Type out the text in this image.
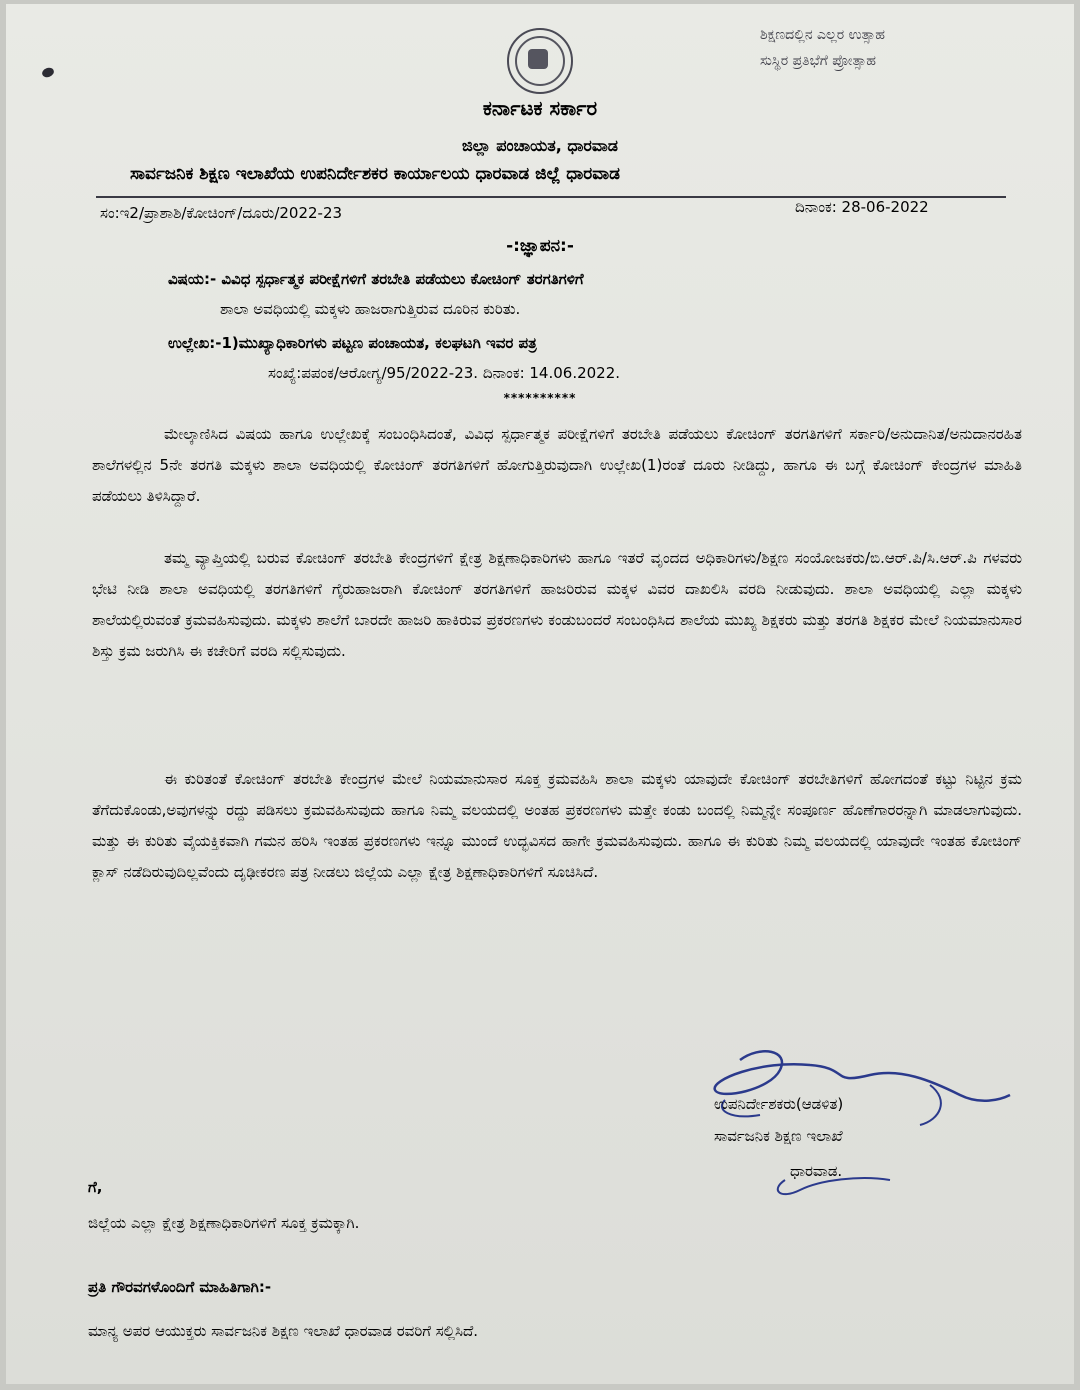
ಶಿಕ್ಷಣದಲ್ಲಿನ ಎಲ್ಲರ ಉತ್ಸಾಹ
ಸುಸ್ಥಿರ ಪ್ರತಿಭೆಗೆ ಪ್ರೋತ್ಸಾಹ
ಕರ್ನಾಟಕ ಸರ್ಕಾರ
ಜಿಲ್ಲಾ ಪಂಚಾಯತ, ಧಾರವಾಡ
ಸಾರ್ವಜನಿಕ ಶಿಕ್ಷಣ ಇಲಾಖೆಯ ಉಪನಿರ್ದೇಶಕರ ಕಾರ್ಯಾಲಯ ಧಾರವಾಡ ಜಿಲ್ಲೆ ಧಾರವಾಡ
ಸಂ:ಇ2/ಪ್ರಾಶಾಶಿ/ಕೋಚಿಂಗ್/ದೂರು/2022-23	ದಿನಾಂಕ: 28-06-2022
-:ಜ್ಞಾಪನ:-
ವಿಷಯ:- ವಿವಿಧ ಸ್ಪರ್ಧಾತ್ಮಕ ಪರೀಕ್ಷೆಗಳಿಗೆ ತರಬೇತಿ ಪಡೆಯಲು ಕೋಚಿಂಗ್ ತರಗತಿಗಳಿಗೆ
ಶಾಲಾ ಅವಧಿಯಲ್ಲಿ ಮಕ್ಕಳು ಹಾಜರಾಗುತ್ತಿರುವ ದೂರಿನ ಕುರಿತು.
ಉಲ್ಲೇಖ:-1)ಮುಖ್ಯಾಧಿಕಾರಿಗಳು ಪಟ್ಟಣ ಪಂಚಾಯತ, ಕಲಘಟಗಿ ಇವರ ಪತ್ರ
ಸಂಖ್ಯೆ:ಪಪಂಕ/ಆರೋಗ್ಯ/95/2022-23. ದಿನಾಂಕ: 14.06.2022.
**********
ಮೇಲ್ಕಾಣಿಸಿದ ವಿಷಯ ಹಾಗೂ ಉಲ್ಲೇಖಕ್ಕೆ ಸಂಬಂಧಿಸಿದಂತೆ, ವಿವಿಧ ಸ್ಪರ್ಧಾತ್ಮಕ ಪರೀಕ್ಷೆಗಳಿಗೆ ತರಬೇತಿ ಪಡೆಯಲು ಕೋಚಿಂಗ್ ತರಗತಿಗಳಿಗೆ ಸರ್ಕಾರಿ/ಅನುದಾನಿತ/ಅನುದಾನರಹಿತ ಶಾಲೆಗಳಲ್ಲಿನ 5ನೇ ತರಗತಿ ಮಕ್ಕಳು ಶಾಲಾ ಅವಧಿಯಲ್ಲಿ ಕೋಚಿಂಗ್ ತರಗತಿಗಳಿಗೆ ಹೋಗುತ್ತಿರುವುದಾಗಿ ಉಲ್ಲೇಖ(1)ರಂತೆ ದೂರು ನೀಡಿದ್ದು, ಹಾಗೂ ಈ ಬಗ್ಗೆ ಕೋಚಿಂಗ್ ಕೇಂದ್ರಗಳ ಮಾಹಿತಿ ಪಡೆಯಲು ತಿಳಿಸಿದ್ದಾರೆ.
ತಮ್ಮ ವ್ಯಾಪ್ತಿಯಲ್ಲಿ ಬರುವ ಕೋಚಿಂಗ್ ತರಬೇತಿ ಕೇಂದ್ರಗಳಿಗೆ ಕ್ಷೇತ್ರ ಶಿಕ್ಷಣಾಧಿಕಾರಿಗಳು ಹಾಗೂ ಇತರೆ ವೃಂದದ ಅಧಿಕಾರಿಗಳು/ಶಿಕ್ಷಣ ಸಂಯೋಜಕರು/ಬಿ.ಆರ್.ಪಿ/ಸಿ.ಆರ್.ಪಿ ಗಳವರು ಭೇಟಿ ನೀಡಿ ಶಾಲಾ ಅವಧಿಯಲ್ಲಿ ತರಗತಿಗಳಿಗೆ ಗೈರುಹಾಜರಾಗಿ ಕೋಚಿಂಗ್ ತರಗತಿಗಳಿಗೆ ಹಾಜರಿರುವ ಮಕ್ಕಳ ವಿವರ ದಾಖಲಿಸಿ ವರದಿ ನೀಡುವುದು. ಶಾಲಾ ಅವಧಿಯಲ್ಲಿ ಎಲ್ಲಾ ಮಕ್ಕಳು ಶಾಲೆಯಲ್ಲಿರುವಂತೆ ಕ್ರಮವಹಿಸುವುದು. ಮಕ್ಕಳು ಶಾಲೆಗೆ ಬಾರದೇ ಹಾಜರಿ ಹಾಕಿರುವ ಪ್ರಕರಣಗಳು ಕಂಡುಬಂದರೆ ಸಂಬಂಧಿಸಿದ ಶಾಲೆಯ ಮುಖ್ಯ ಶಿಕ್ಷಕರು ಮತ್ತು ತರಗತಿ ಶಿಕ್ಷಕರ ಮೇಲೆ ನಿಯಮಾನುಸಾರ ಶಿಸ್ತು ಕ್ರಮ ಜರುಗಿಸಿ ಈ ಕಚೇರಿಗೆ ವರದಿ ಸಲ್ಲಿಸುವುದು.
ಈ ಕುರಿತಂತೆ ಕೋಚಿಂಗ್ ತರಬೇತಿ ಕೇಂದ್ರಗಳ ಮೇಲೆ ನಿಯಮಾನುಸಾರ ಸೂಕ್ತ ಕ್ರಮವಹಿಸಿ ಶಾಲಾ ಮಕ್ಕಳು ಯಾವುದೇ ಕೋಚಿಂಗ್ ತರಬೇತಿಗಳಿಗೆ ಹೋಗದಂತೆ ಕಟ್ಟು ನಿಟ್ಟಿನ ಕ್ರಮ ತೆಗೆದುಕೊಂಡು,ಅವುಗಳನ್ನು ರದ್ದು ಪಡಿಸಲು ಕ್ರಮವಹಿಸುವುದು ಹಾಗೂ ನಿಮ್ಮ ವಲಯದಲ್ಲಿ ಅಂತಹ ಪ್ರಕರಣಗಳು ಮತ್ತೇ ಕಂಡು ಬಂದಲ್ಲಿ ನಿಮ್ಮನ್ನೇ ಸಂಪೂರ್ಣ ಹೊಣೆಗಾರರನ್ನಾಗಿ ಮಾಡಲಾಗುವುದು. ಮತ್ತು ಈ ಕುರಿತು ವೈಯಕ್ತಿಕವಾಗಿ ಗಮನ ಹರಿಸಿ ಇಂತಹ ಪ್ರಕರಣಗಳು ಇನ್ನೂ ಮುಂದೆ ಉದ್ಭವಿಸದ ಹಾಗೇ ಕ್ರಮವಹಿಸುವುದು. ಹಾಗೂ ಈ ಕುರಿತು ನಿಮ್ಮ ವಲಯದಲ್ಲಿ ಯಾವುದೇ ಇಂತಹ ಕೋಚಿಂಗ್ ಕ್ಲಾಸ್ ನಡೆದಿರುವುದಿಲ್ಲವೆಂದು ದೃಢೀಕರಣ ಪತ್ರ ನೀಡಲು ಜಿಲ್ಲೆಯ ಎಲ್ಲಾ ಕ್ಷೇತ್ರ ಶಿಕ್ಷಣಾಧಿಕಾರಿಗಳಿಗೆ ಸೂಚಿಸಿದೆ.
ಉಪನಿರ್ದೇಶಕರು(ಆಡಳಿತ)
ಸಾರ್ವಜನಿಕ ಶಿಕ್ಷಣ ಇಲಾಖೆ
ಧಾರವಾಡ.
ಗೆ,
ಜಿಲ್ಲೆಯ ಎಲ್ಲಾ ಕ್ಷೇತ್ರ ಶಿಕ್ಷಣಾಧಿಕಾರಿಗಳಿಗೆ ಸೂಕ್ತ ಕ್ರಮಕ್ಕಾಗಿ.
ಪ್ರತಿ ಗೌರವಗಳೊಂದಿಗೆ ಮಾಹಿತಿಗಾಗಿ:-
ಮಾನ್ಯ ಅಪರ ಆಯುಕ್ತರು ಸಾರ್ವಜನಿಕ ಶಿಕ್ಷಣ ಇಲಾಖೆ ಧಾರವಾಡ ರವರಿಗೆ ಸಲ್ಲಿಸಿದೆ.
